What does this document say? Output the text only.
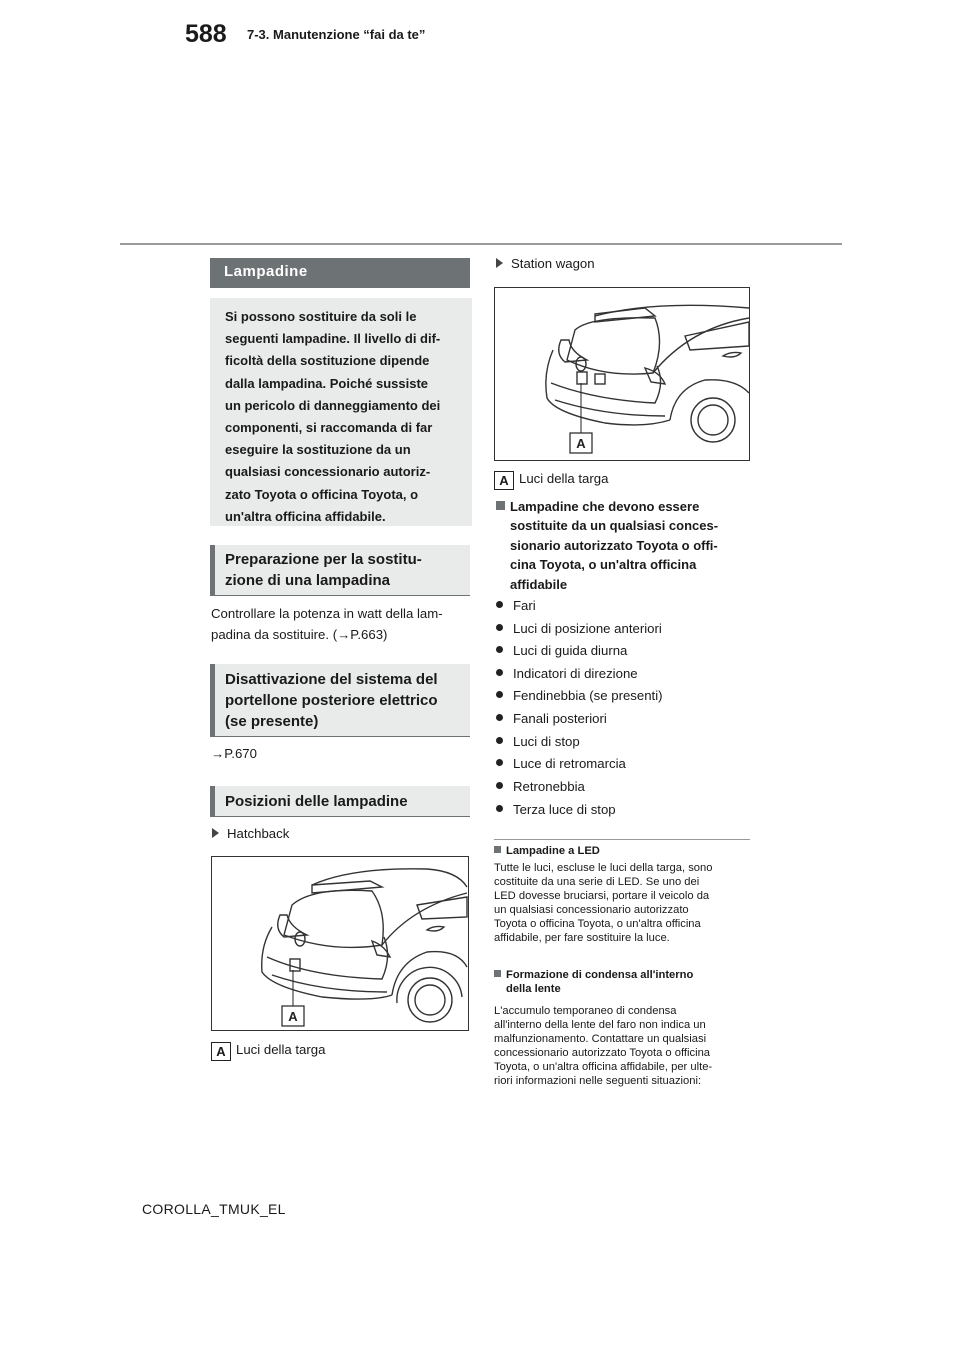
588 7-3. Manutenzione “fai da te”
Lampadine
Si possono sostituire da soli le
seguenti lampadine. Il livello di dif-
ficoltà della sostituzione dipende
dalla lampadina. Poiché sussiste
un pericolo di danneggiamento dei
componenti, si raccomanda di far
eseguire la sostituzione da un
qualsiasi concessionario autoriz-
zato Toyota o officina Toyota, o
un'altra officina affidabile.
Preparazione per la sostitu-
zione di una lampadina
Controllare la potenza in watt della lam-
padina da sostituire. (→P.663)
Disattivazione del sistema del
portellone posteriore elettrico
(se presente)
→P.670
Posizioni delle lampadine
Hatchback
A
A Luci della targa
Station wagon
A
A Luci della targa
Lampadine che devono essere
sostituite da un qualsiasi conces-
sionario autorizzato Toyota o offi-
cina Toyota, o un'altra officina
affidabile
Fari
Luci di posizione anteriori
Luci di guida diurna
Indicatori di direzione
Fendinebbia (se presenti)
Fanali posteriori
Luci di stop
Luce di retromarcia
Retronebbia
Terza luce di stop
Lampadine a LED
Tutte le luci, escluse le luci della targa, sono
costituite da una serie di LED. Se uno dei
LED dovesse bruciarsi, portare il veicolo da
un qualsiasi concessionario autorizzato
Toyota o officina Toyota, o un'altra officina
affidabile, per fare sostituire la luce.
Formazione di condensa all'interno
della lente
L'accumulo temporaneo di condensa
all'interno della lente del faro non indica un
malfunzionamento. Contattare un qualsiasi
concessionario autorizzato Toyota o officina
Toyota, o un'altra officina affidabile, per ulte-
riori informazioni nelle seguenti situazioni:
COROLLA_TMUK_EL
